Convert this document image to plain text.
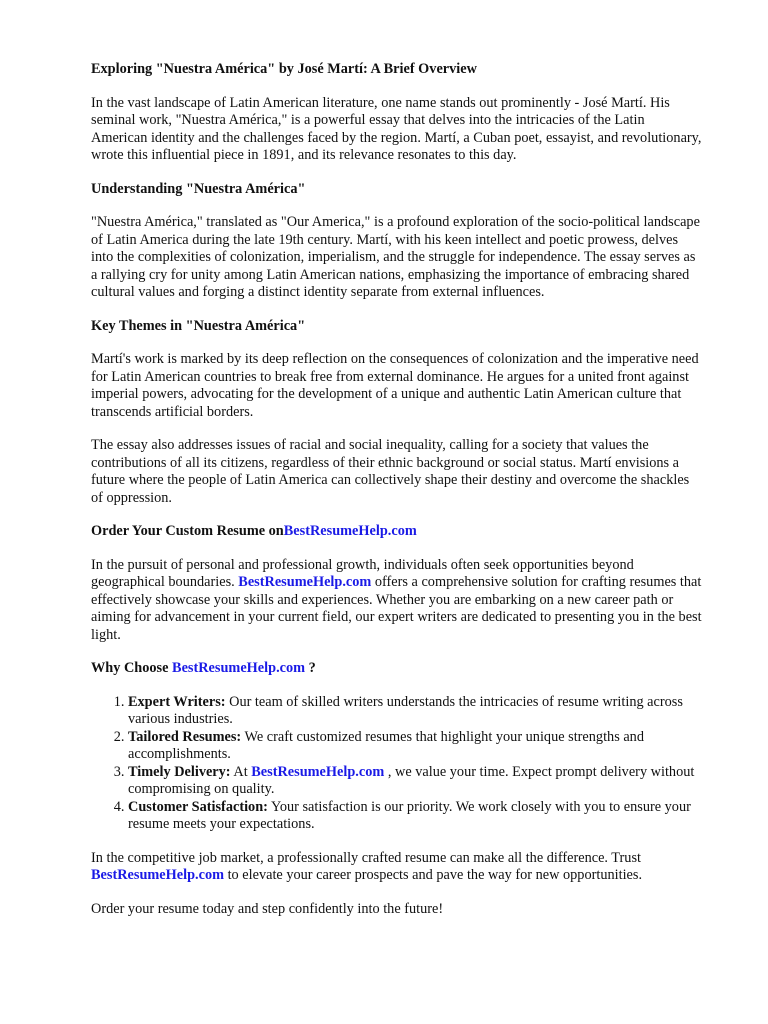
Exploring "Nuestra América" by José Martí: A Brief Overview

In the vast landscape of Latin American literature, one name stands out prominently - José Martí. His seminal work, "Nuestra América," is a powerful essay that delves into the intricacies of the Latin American identity and the challenges faced by the region. Martí, a Cuban poet, essayist, and revolutionary, wrote this influential piece in 1891, and its relevance resonates to this day.

Understanding "Nuestra América"

"Nuestra América," translated as "Our America," is a profound exploration of the socio-political landscape of Latin America during the late 19th century. Martí, with his keen intellect and poetic prowess, delves into the complexities of colonization, imperialism, and the struggle for independence. The essay serves as a rallying cry for unity among Latin American nations, emphasizing the importance of embracing shared cultural values and forging a distinct identity separate from external influences.

Key Themes in "Nuestra América"

Martí's work is marked by its deep reflection on the consequences of colonization and the imperative need for Latin American countries to break free from external dominance. He argues for a united front against imperial powers, advocating for the development of a unique and authentic Latin American culture that transcends artificial borders.

The essay also addresses issues of racial and social inequality, calling for a society that values the contributions of all its citizens, regardless of their ethnic background or social status. Martí envisions a future where the people of Latin America can collectively shape their destiny and overcome the shackles of oppression.

Order Your Custom Resume onBestResumeHelp.com

In the pursuit of personal and professional growth, individuals often seek opportunities beyond geographical boundaries. BestResumeHelp.com offers a comprehensive solution for crafting resumes that effectively showcase your skills and experiences. Whether you are embarking on a new career path or aiming for advancement in your current field, our expert writers are dedicated to presenting you in the best light.

Why Choose BestResumeHelp.com ?
1. Expert Writers: Our team of skilled writers understands the intricacies of resume writing across various industries.
2. Tailored Resumes: We craft customized resumes that highlight your unique strengths and accomplishments.
3. Timely Delivery: At BestResumeHelp.com , we value your time. Expect prompt delivery without compromising on quality.
4. Customer Satisfaction: Your satisfaction is our priority. We work closely with you to ensure your resume meets your expectations.

In the competitive job market, a professionally crafted resume can make all the difference. Trust BestResumeHelp.com to elevate your career prospects and pave the way for new opportunities.

Order your resume today and step confidently into the future!
